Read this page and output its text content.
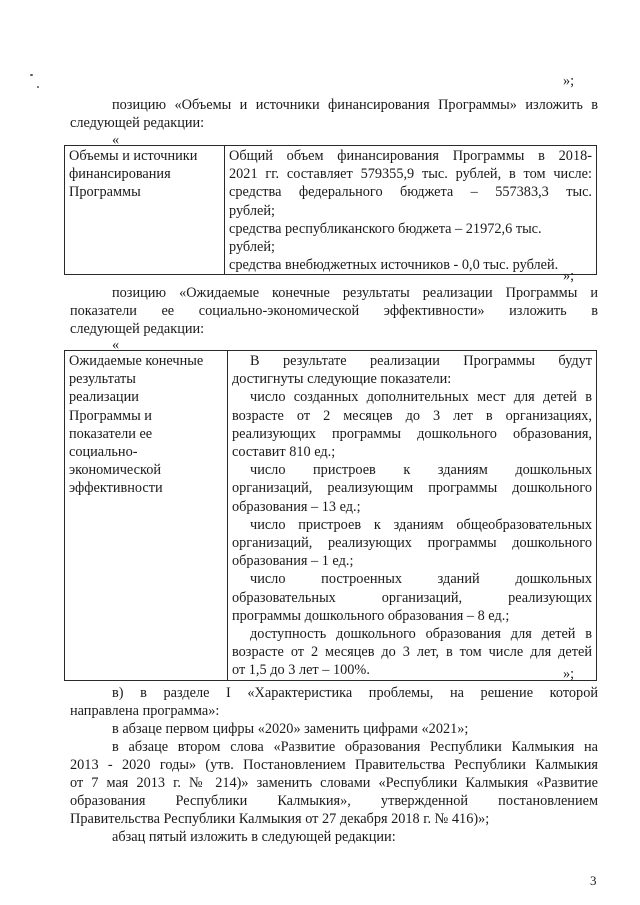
»;
позицию «Объемы и источники финансирования Программы» изложить в
следующей редакции:
«
Объемы и источники
финансирования
Программы

Общий объем финансирования Программы в 2018-
2021 гг. составляет 579355,9 тыс. рублей, в том числе:
средства федерального бюджета – 557383,3 тыс.
рублей;
средства республиканского бюджета – 21972,6 тыс.
рублей;
средства внебюджетных источников - 0,0 тыс. рублей.
»;
позицию «Ожидаемые конечные результаты реализации Программы и
показатели ее социально-экономической эффективности» изложить в
следующей редакции:
«
Ожидаемые конечные
результаты
реализации
Программы и
показатели ее
социально-
экономической
эффективности

В результате реализации Программы будут
достигнуты следующие показатели:
число созданных дополнительных мест для детей в
возрасте от 2 месяцев до 3 лет в организациях,
реализующих программы дошкольного образования,
составит 810 ед.;
число пристроев к зданиям дошкольных
организаций, реализующим программы дошкольного
образования – 13 ед.;
число пристроев к зданиям общеобразовательных
организаций, реализующих программы дошкольного
образования – 1 ед.;
число построенных зданий дошкольных
образовательных организаций, реализующих
программы дошкольного образования – 8 ед.;
доступность дошкольного образования для детей в
возрасте от 2 месяцев до 3 лет, в том числе для детей
от 1,5 до 3 лет – 100%.	»;
в) в разделе I «Характеристика проблемы, на решение которой
направлена программа»:
в абзаце первом цифры «2020» заменить цифрами «2021»;
в абзаце втором слова «Развитие образования Республики Калмыкия на
2013 - 2020 годы» (утв. Постановлением Правительства Республики Калмыкия
от 7 мая 2013 г. № 214)» заменить словами «Республики Калмыкия «Развитие
образования Республики Калмыкия», утвержденной постановлением
Правительства Республики Калмыкия от 27 декабря 2018 г. № 416)»;
абзац пятый изложить в следующей редакции:
3
